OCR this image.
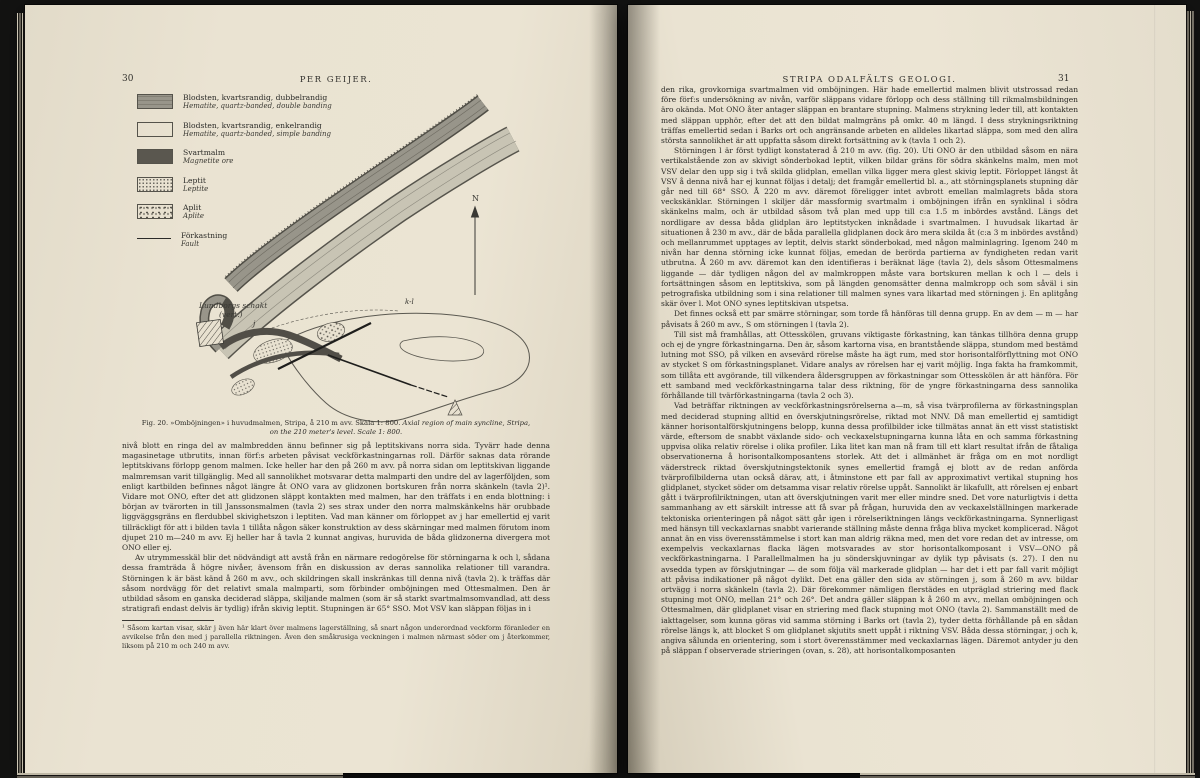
30	PER GEIJER.
N
Lundborgs schakt
(vert.)
j
k-l
Blodsten, kvartsrandig, dubbelrandig
Hematite, quartz-banded, double banding
Blodsten, kvartsrandig, enkelrandig
Hematite, quartz-banded, simple banding
Svartmalm
Magnetite ore
Leptit
Leptite
Aplit
Aplite
Förkastning
Fault
Fig. 20. »Omböjningen» i huvudmalmen, Stripa, å 210 m avv. Skala 1: 800. Axial region of main syncline, Stripa,
on the 210 meter's level. Scale 1: 800.

nivå blott en ringa del av malmbredden ännu befinner sig på leptitskivans norra sida. Tyvärr hade denna magasinetage utbrutits, innan förf:s arbeten påvisat veckförkastningarnas roll. Därför saknas data rörande leptitskivans förlopp genom malmen. Icke heller har den på 260 m avv. på norra sidan om leptitskivan liggande malmremsan varit tillgänglig. Med all sannolikhet motsvarar detta malmparti den undre del av lagerföljden, som enligt kartbilden befinnes något längre åt ONO vara av glidzonen bortskuren från norra skänkeln (tavla 2)¹. Vidare mot ONO, efter det att glidzonen släppt kontakten med malmen, har den träffats i en enda blottning: i början av tvärorten in till Janssonsmalmen (tavla 2) ses strax under den norra malmskänkelns här orubbade liggväggsgräns en flerdubbel skivighetszon i leptiten. Vad man känner om förloppet av j har emellertid ej varit tillräckligt för att i bilden tavla 1 tillåta någon säker konstruktion av dess skärningar med malmen förutom inom djupet 210 m—240 m avv. Ej heller har å tavla 2 kunnat angivas, huruvida de båda glidzonerna divergera mot ONO eller ej.

Av utrymmesskäl blir det nödvändigt att avstå från en närmare redogörelse för störningarna k och l, sådana dessa framträda å högre nivåer, ävensom från en diskussion av deras sannolika relationer till varandra. Störningen k är bäst känd å 260 m avv., och skildringen skall inskränkas till denna nivå (tavla 2). k träffas där såsom nordvägg för det relativt smala malmparti, som förbinder omböjningen med Ottesmalmen. Den är utbildad såsom en ganska deciderad släppa, skiljande malmen (som är så starkt svartmalmsomvandlad, att dess stratigrafi endast delvis är tydlig) ifrån skivig leptit. Stupningen är 65° SSO. Mot VSV kan släppan följas in i

¹ Såsom kartan visar, skär j även här klart över malmens lagerställning, så snart någon underordnad veckform föranleder en avvikelse från den med j parallella riktningen. Även den småkrusiga veckningen i malmen närmast söder om j återkommer, liksom på 210 m och 240 m avv.
STRIPA ODALFÄLTS GEOLOGI.	31

den rika, grovkorniga svartmalmen vid omböjningen. Här hade emellertid malmen blivit utstrossad redan före förf:s undersökning av nivån, varför släppans vidare förlopp och dess ställning till rikmalmsbildningen äro okända. Mot ONO åter antager släppan en brantare stupning. Malmens strykning leder till, att kontakten med släppan upphör, efter det att den bildat malmgräns på omkr. 40 m längd. I dess strykningsriktning träffas emellertid sedan i Barks ort och angränsande arbeten en alldeles likartad släppa, som med den allra största sannolikhet är att uppfatta såsom direkt fortsättning av k (tavla 1 och 2).

Störningen l är först tydligt konstaterad å 210 m avv. (fig. 20). Uti ONO är den utbildad såsom en nära vertikalstående zon av skivigt sönderbokad leptit, vilken bildar gräns för södra skänkelns malm, men mot VSV delar den upp sig i två skilda glidplan, emellan vilka ligger mera glest skivig leptit. Förloppet längst åt VSV å denna nivå har ej kunnat följas i detalj; det framgår emellertid bl. a., att störningsplanets stupning där går ned till 68° SSO. Å 220 m avv. däremot föreligger intet avbrott emellan malmlagrets båda stora veckskänklar. Störningen l skiljer där massformig svartmalm i omböjningen ifrån en synklinal i södra skänkelns malm, och är utbildad såsom två plan med upp till c:a 1.5 m inbördes avstånd. Längs det nordligare av dessa båda glidplan äro leptitstycken inknådade i svartmalmen. I huvudsak likartad är situationen å 230 m avv., där de båda parallella glidplanen dock äro mera skilda åt (c:a 3 m inbördes avstånd) och mellanrummet upptages av leptit, delvis starkt sönderbokad, med någon malminlagring. Igenom 240 m nivån har denna störning icke kunnat följas, emedan de berörda partierna av fyndigheten redan varit utbrutna. Å 260 m avv. däremot kan den identifieras i beräknat läge (tavla 2), dels såsom Ottesmalmens liggande — där tydligen någon del av malmkroppen måste vara bortskuren mellan k och l — dels i fortsättningen såsom en leptitskiva, som på längden genomsätter denna malmkropp och som såväl i sin petrografiska utbildning som i sina relationer till malmen synes vara likartad med störningen j. En aplitgång skär över l. Mot ONO synes leptitskivan utspetsa.

Det finnes också ett par smärre störningar, som torde få hänföras till denna grupp. En av dem — m — har påvisats å 260 m avv., S om störningen l (tavla 2).

Till sist må framhållas, att Ottesskölen, gruvans viktigaste förkastning, kan tänkas tillhöra denna grupp och ej de yngre förkastningarna. Den är, såsom kartorna visa, en brantstående släppa, stundom med bestämd lutning mot SSO, på vilken en avsevärd rörelse måste ha ägt rum, med stor horisontalförflyttning mot ONO av stycket S om förkastningsplanet. Vidare analys av rörelsen har ej varit möjlig. Inga fakta ha framkommit, som tillåta ett avgörande, till vilkendera åldersgruppen av förkastningar som Ottesskölen är att hänföra. För ett samband med veckförkastningarna talar dess riktning, för de yngre förkastningarna dess sannolika förhållande till tvärförkastningarna (tavla 2 och 3).

Vad beträffar riktningen av veckförkastningsrörelserna a—m, så visa tvärprofilerna av förkastningsplan med deciderad stupning alltid en överskjutningsrörelse, riktad mot NNV. Då man emellertid ej samtidigt känner horisontalförskjutningens belopp, kunna dessa profilbilder icke tillmätas annat än ett visst statistiskt värde, eftersom de snabbt växlande sido- och veckaxelstupningarna kunna låta en och samma förkastning uppvisa olika relativ rörelse i olika profiler. Lika litet kan man nå fram till ett klart resultat ifrån de fåtaliga observationerna å horisontalkomposantens storlek. Att det i allmänhet är fråga om en mot nordligt väderstreck riktad överskjutningstektonik synes emellertid framgå ej blott av de redan anförda tvärprofilbilderna utan också därav, att, i åtminstone ett par fall av approximativt vertikal stupning hos glidplanet, stycket söder om detsamma visar relativ rörelse uppåt. Sannolikt är likafullt, att rörelsen ej enbart gått i tvärprofilriktningen, utan att överskjutningen varit mer eller mindre sned. Det vore naturligtvis i detta sammanhang av ett särskilt intresse att få svar på frågan, huruvida den av veckaxelställningen markerade tektoniska orienteringen på något sätt går igen i rörelseriktningen längs veckförkastningarna. Synnerligast med hänsyn till veckaxlarnas snabbt varierande ställning måste denna fråga bliva mycket komplicerad. Något annat än en viss överensstämmelse i stort kan man aldrig räkna med, men det vore redan det av intresse, om exempelvis veckaxlarnas flacka lägen motsvarades av stor horisontalkomposant i VSV—ONO på veckförkastningarna. I Parallellmalmen ha ju sönderskjuvningar av dylik typ påvisats (s. 27). I den nu avsedda typen av förskjutningar — de som följa väl markerade glidplan — har det i ett par fall varit möjligt att påvisa indikationer på något dylikt. Det ena gäller den sida av störningen j, som å 260 m avv. bildar ortvägg i norra skänkeln (tavla 2). Där förekommer nämligen flerstädes en utpräglad striering med flack stupning mot ONO, mellan 21° och 26°. Det andra gäller släppan k å 260 m avv., mellan omböjningen och Ottesmalmen, där glidplanet visar en striering med flack stupning mot ONO (tavla 2). Sammanställt med de iakttagelser, som kunna göras vid samma störning i Barks ort (tavla 2), tyder detta förhållande på en sådan rörelse längs k, att blocket S om glidplanet skjutits snett uppåt i riktning VSV. Båda dessa störningar, j och k, angiva sålunda en orientering, som i stort överensstämmer med veckaxlarnas lägen. Däremot antyder ju den på släppan f observerade strieringen (ovan, s. 28), att horisontalkomposanten
